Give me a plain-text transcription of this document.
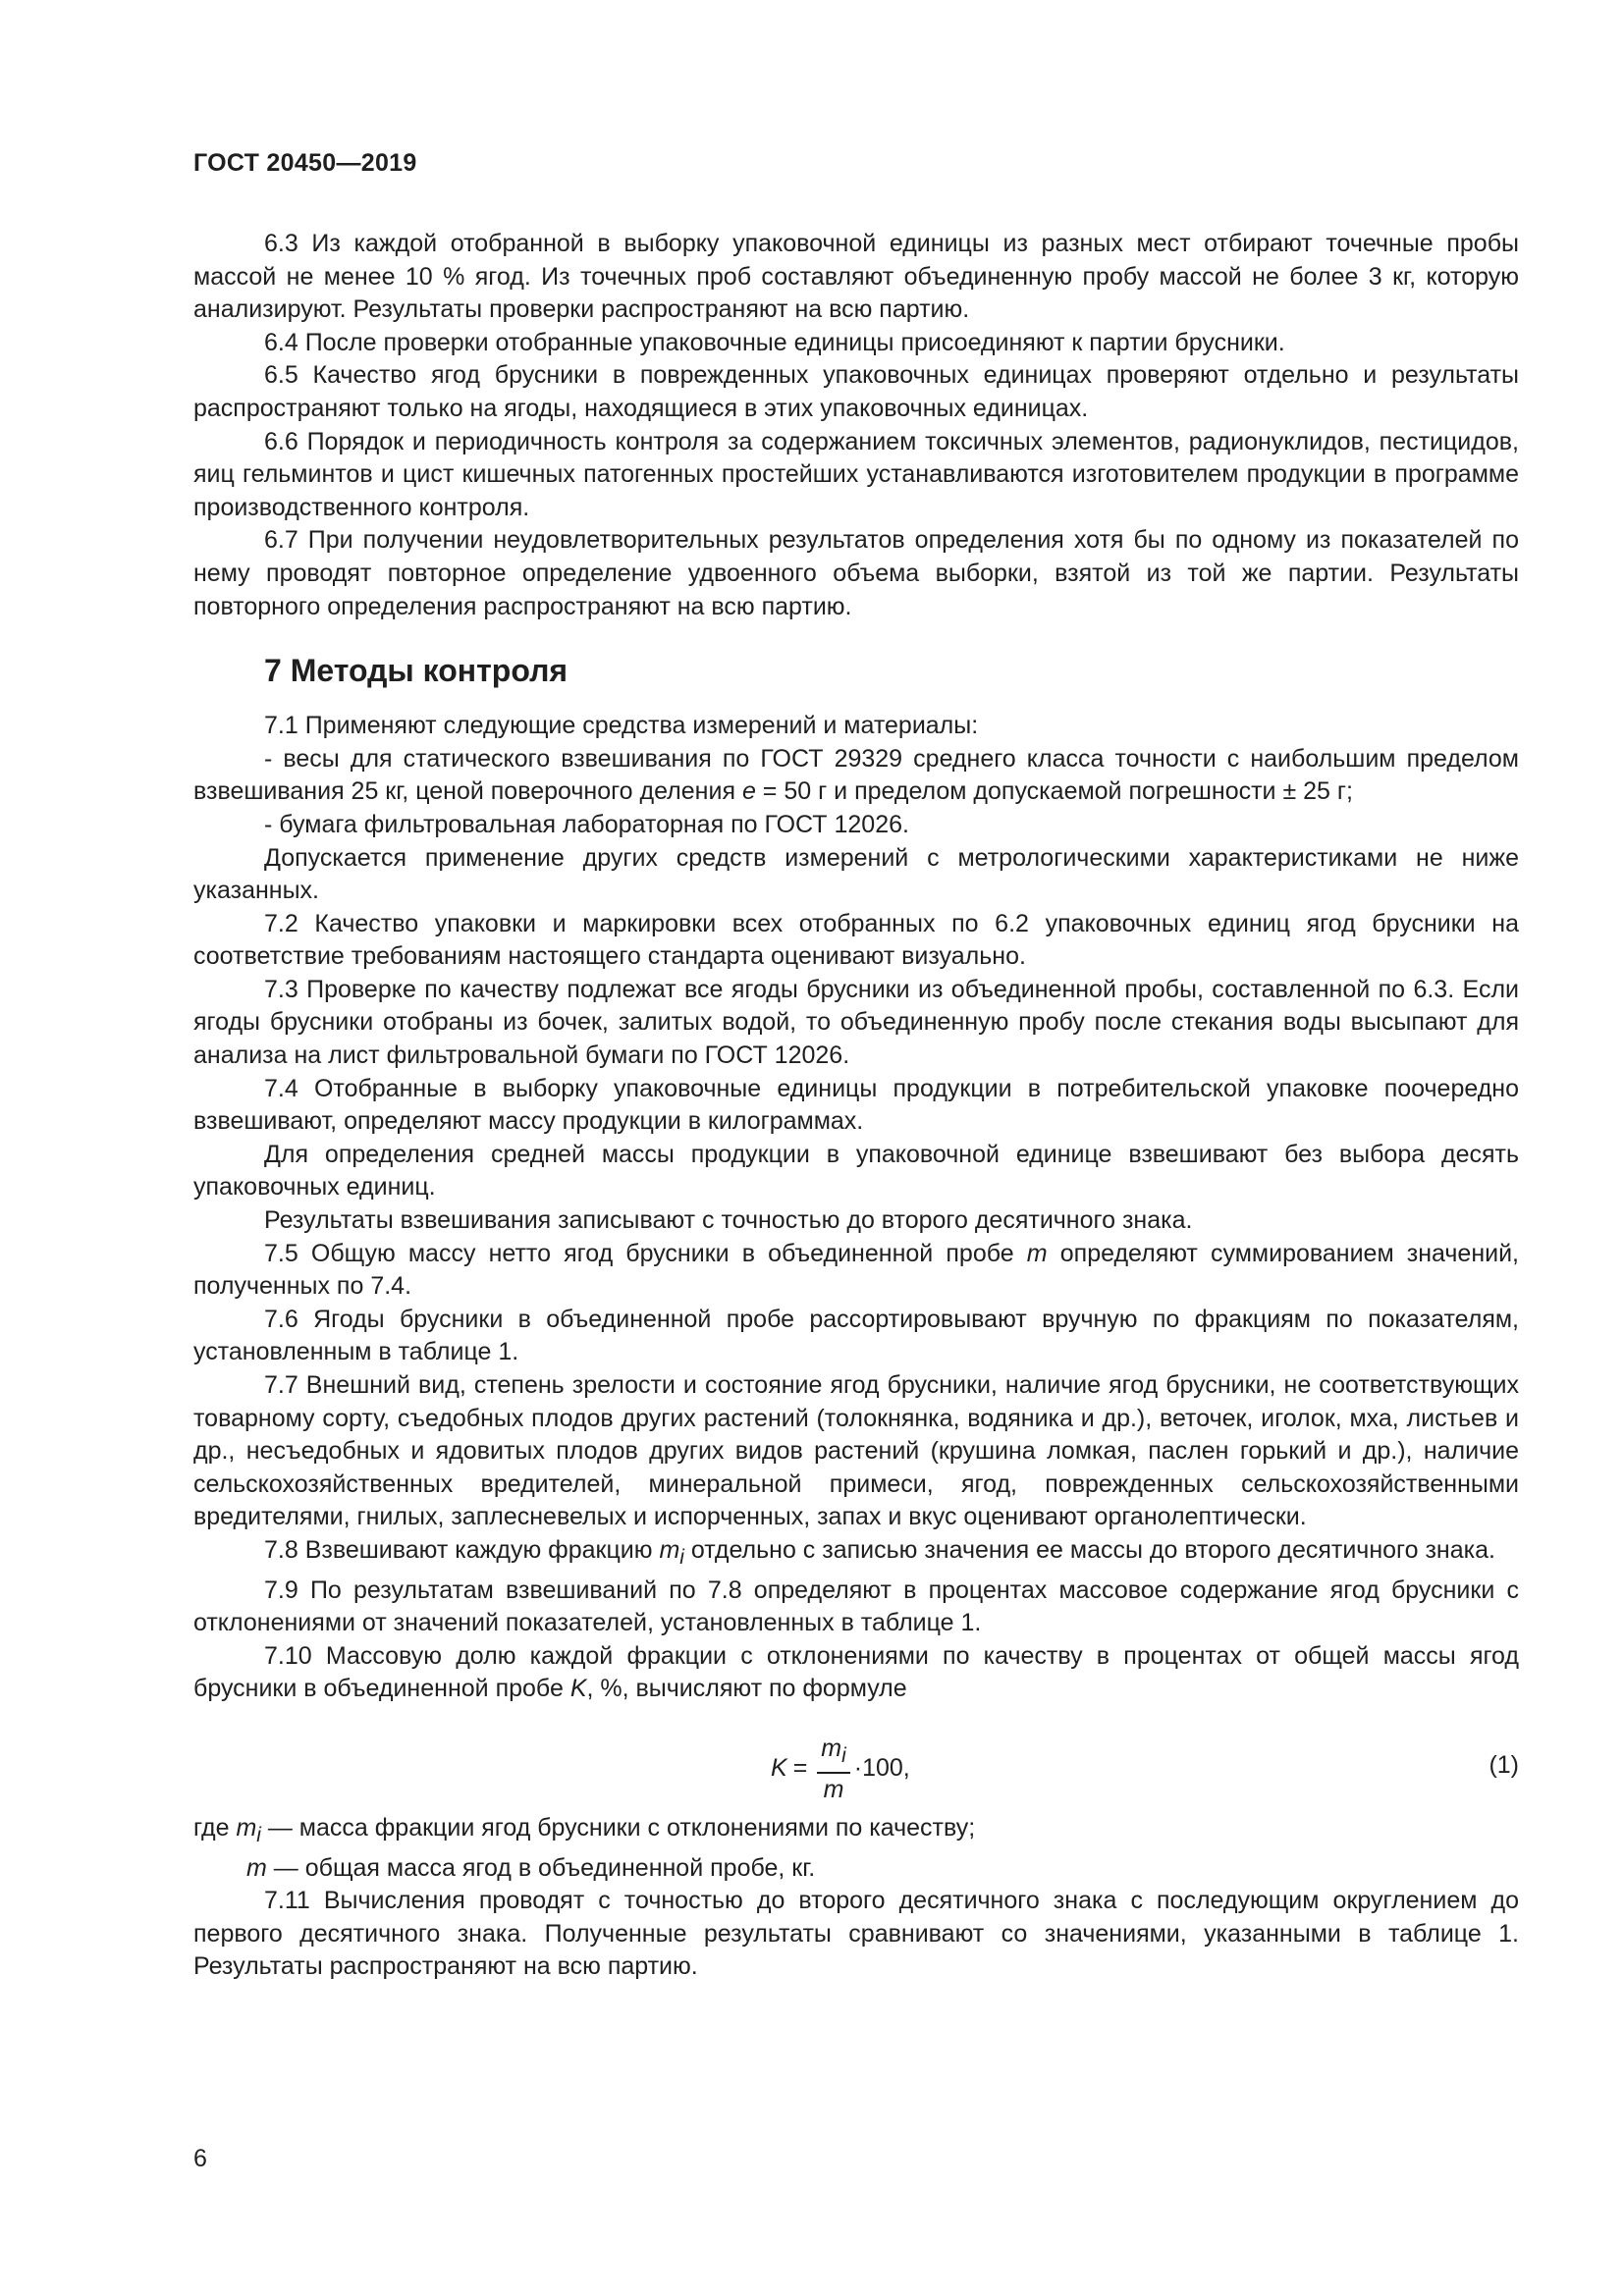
ГОСТ 20450—2019

6.3 Из каждой отобранной в выборку упаковочной единицы из разных мест отбирают точечные пробы массой не менее 10 % ягод. Из точечных проб составляют объединенную пробу массой не более 3 кг, которую анализируют. Результаты проверки распространяют на всю партию.

6.4 После проверки отобранные упаковочные единицы присоединяют к партии брусники.

6.5 Качество ягод брусники в поврежденных упаковочных единицах проверяют отдельно и результаты распространяют только на ягоды, находящиеся в этих упаковочных единицах.

6.6 Порядок и периодичность контроля за содержанием токсичных элементов, радионуклидов, пестицидов, яиц гельминтов и цист кишечных патогенных простейших устанавливаются изготовителем продукции в программе производственного контроля.

6.7 При получении неудовлетворительных результатов определения хотя бы по одному из показателей по нему проводят повторное определение удвоенного объема выборки, взятой из той же партии. Результаты повторного определения распространяют на всю партию.

7 Методы контроля

7.1 Применяют следующие средства измерений и материалы:

- весы для статического взвешивания по ГОСТ 29329 среднего класса точности с наибольшим пределом взвешивания 25 кг, ценой поверочного деления е = 50 г и пределом допускаемой погрешности ± 25 г;

- бумага фильтровальная лабораторная по ГОСТ 12026.

Допускается применение других средств измерений с метрологическими характеристиками не ниже указанных.

7.2 Качество упаковки и маркировки всех отобранных по 6.2 упаковочных единиц ягод брусники на соответствие требованиям настоящего стандарта оценивают визуально.

7.3 Проверке по качеству подлежат все ягоды брусники из объединенной пробы, составленной по 6.3. Если ягоды брусники отобраны из бочек, залитых водой, то объединенную пробу после стекания воды высыпают для анализа на лист фильтровальной бумаги по ГОСТ 12026.

7.4 Отобранные в выборку упаковочные единицы продукции в потребительской упаковке поочередно взвешивают, определяют массу продукции в килограммах.

Для определения средней массы продукции в упаковочной единице взвешивают без выбора десять упаковочных единиц.

Результаты взвешивания записывают с точностью до второго десятичного знака.

7.5 Общую массу нетто ягод брусники в объединенной пробе m определяют суммированием значений, полученных по 7.4.

7.6 Ягоды брусники в объединенной пробе рассортировывают вручную по фракциям по показателям, установленным в таблице 1.

7.7 Внешний вид, степень зрелости и состояние ягод брусники, наличие ягод брусники, не соответствующих товарному сорту, съедобных плодов других растений (толокнянка, водяника и др.), веточек, иголок, мха, листьев и др., несъедобных и ядовитых плодов других видов растений (крушина ломкая, паслен горький и др.), наличие сельскохозяйственных вредителей, минеральной примеси, ягод, поврежденных сельскохозяйственными вредителями, гнилых, заплесневелых и испорченных, запах и вкус оценивают органолептически.

7.8 Взвешивают каждую фракцию $m_i$ отдельно с записью значения ее массы до второго десятичного знака.

7.9 По результатам взвешиваний по 7.8 определяют в процентах массовое содержание ягод брусники с отклонениями от значений показателей, установленных в таблице 1.

7.10 Массовую долю каждой фракции с отклонениями по качеству в процентах от общей массы ягод брусники в объединенной пробе K, %, вычисляют по формуле

$K = \frac{m_i}{m} \cdot 100$,	(1)

где $m_i$ — масса фракции ягод брусники с отклонениями по качеству;

m — общая масса ягод в объединенной пробе, кг.

7.11 Вычисления проводят с точностью до второго десятичного знака с последующим округлением до первого десятичного знака. Полученные результаты сравнивают со значениями, указанными в таблице 1. Результаты распространяют на всю партию.

6
